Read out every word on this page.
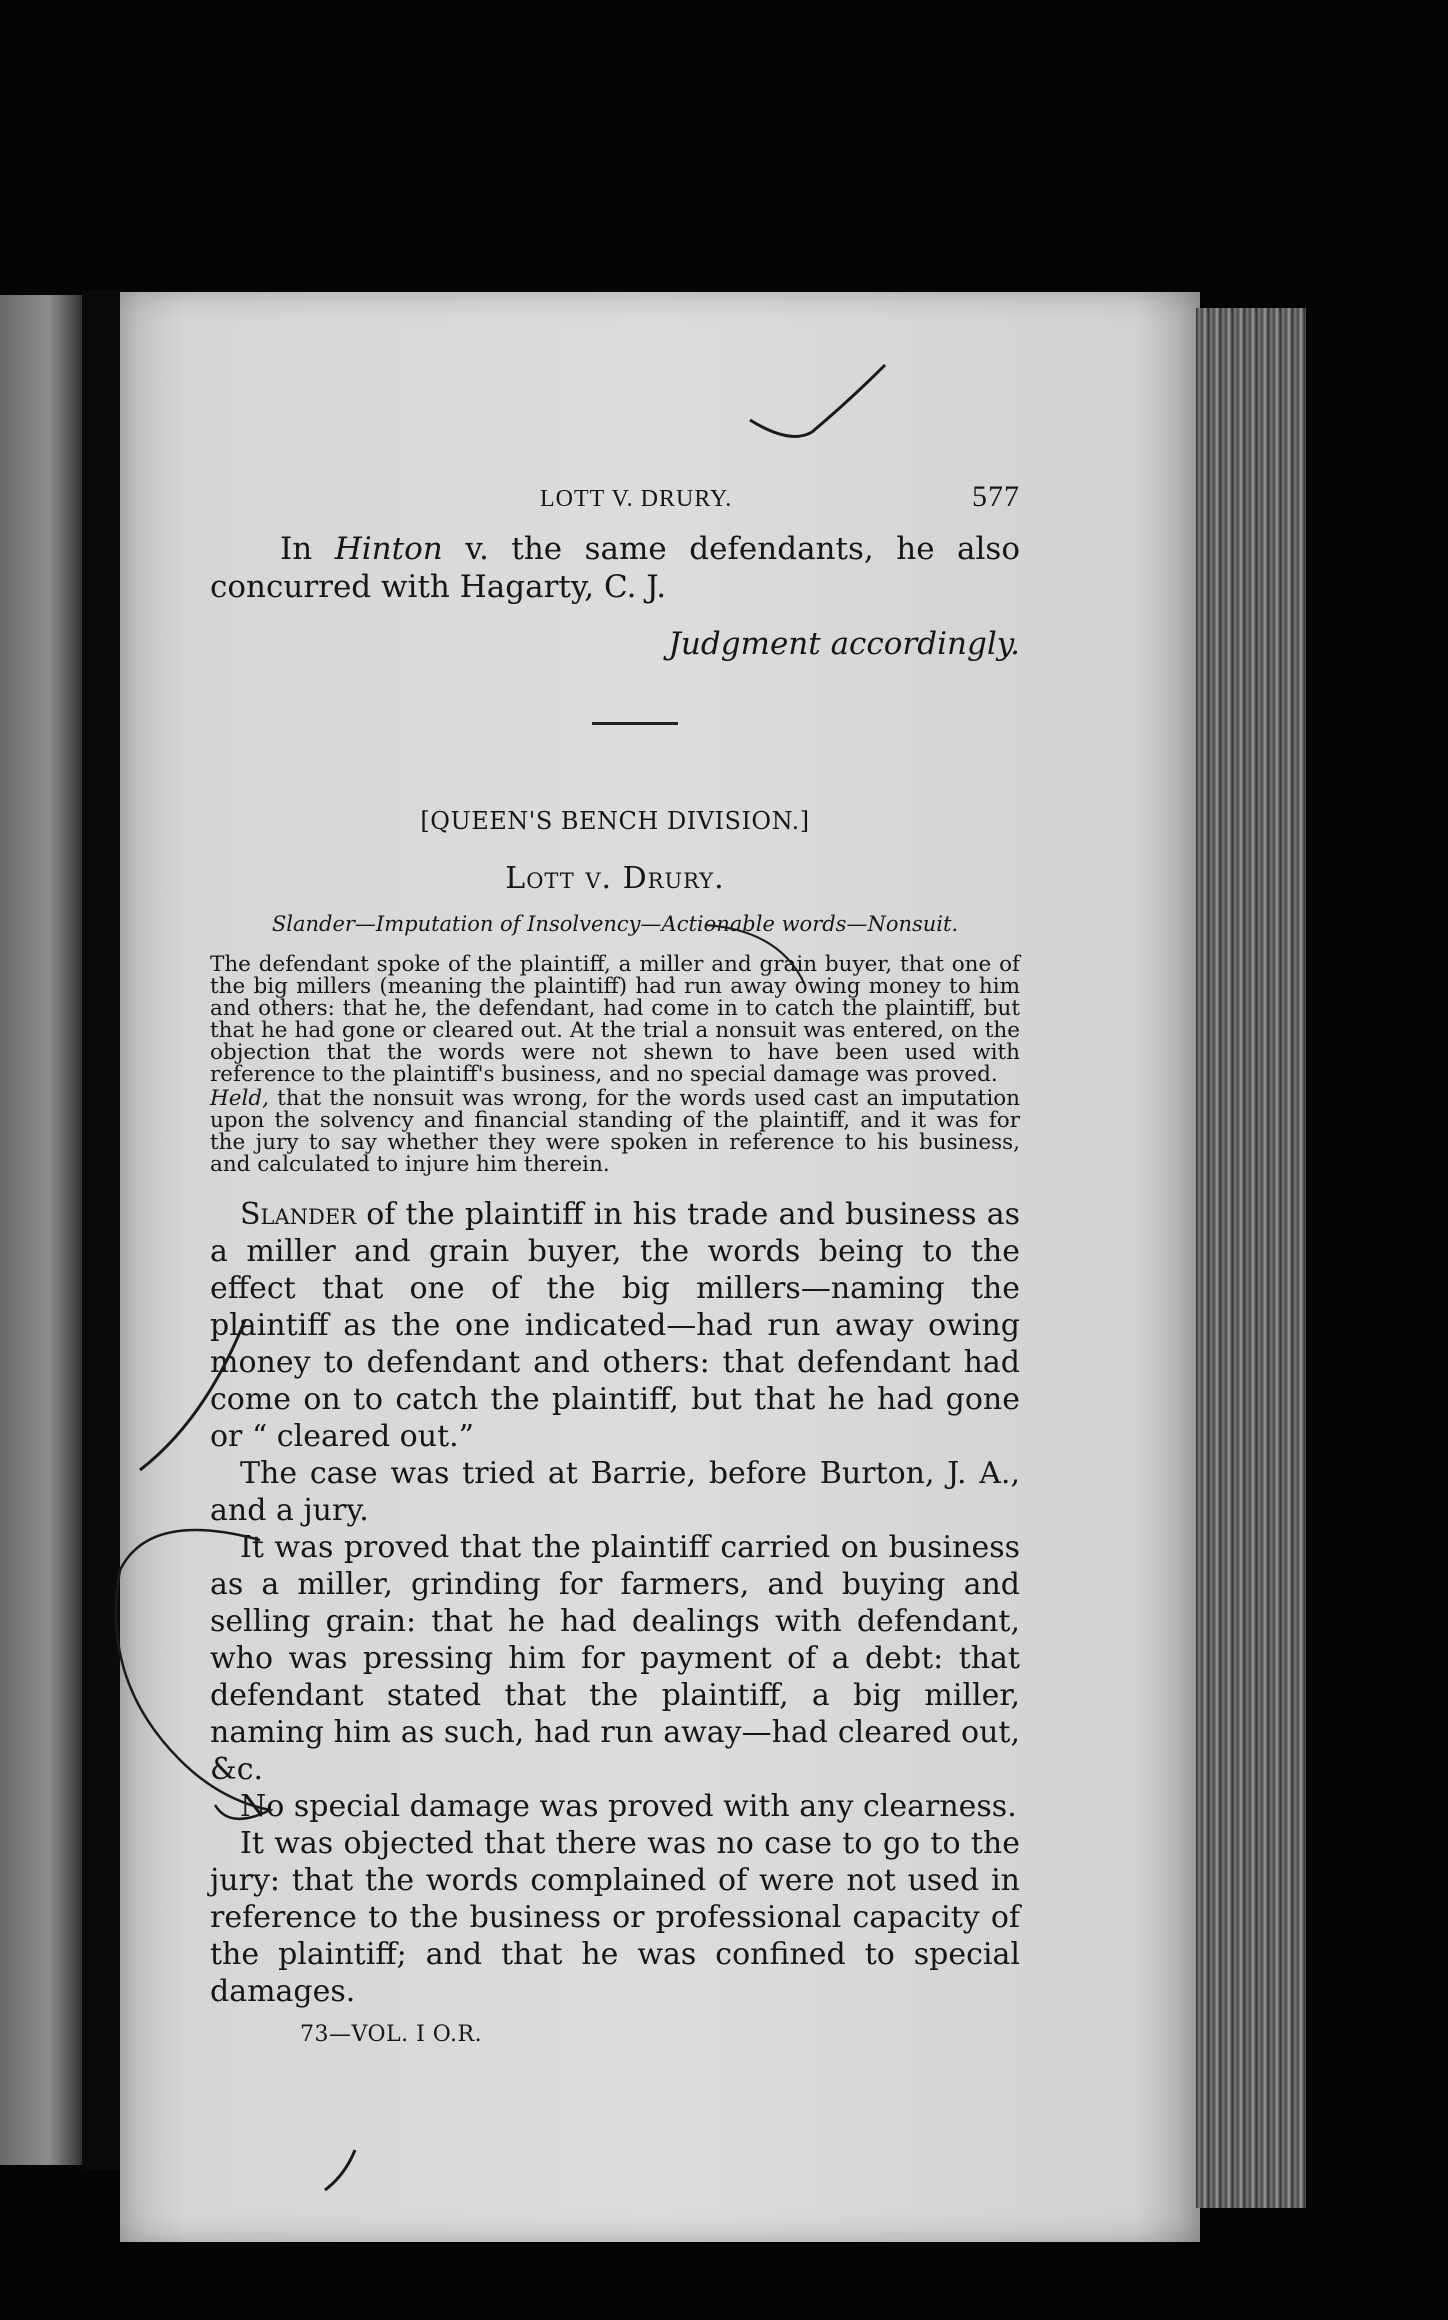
LOTT V. DRURY.	577

In Hinton v. the same defendants, he also concurred with Hagarty, C. J.

Judgment accordingly.
[QUEEN'S BENCH DIVISION.]
Lott v. Drury.
Slander—Imputation of Insolvency—Actionable words—Nonsuit.

The defendant spoke of the plaintiff, a miller and grain buyer, that one of the big millers (meaning the plaintiff) had run away owing money to him and others: that he, the defendant, had come in to catch the plaintiff, but that he had gone or cleared out. At the trial a nonsuit was entered, on the objection that the words were not shewn to have been used with reference to the plaintiff's business, and no special damage was proved.

Held, that the nonsuit was wrong, for the words used cast an imputation upon the solvency and financial standing of the plaintiff, and it was for the jury to say whether they were spoken in reference to his business, and calculated to injure him therein.

Slander of the plaintiff in his trade and business as a miller and grain buyer, the words being to the effect that one of the big millers—naming the plaintiff as the one indicated—had run away owing money to defendant and others: that defendant had come on to catch the plaintiff, but that he had gone or “ cleared out.”

The case was tried at Barrie, before Burton, J. A., and a jury.

It was proved that the plaintiff carried on business as a miller, grinding for farmers, and buying and selling grain: that he had dealings with defendant, who was pressing him for payment of a debt: that defendant stated that the plaintiff, a big miller, naming him as such, had run away—had cleared out, &c.

No special damage was proved with any clearness.

It was objected that there was no case to go to the jury: that the words complained of were not used in reference to the business or professional capacity of the plaintiff; and that he was confined to special damages.

73—VOL. I O.R.
